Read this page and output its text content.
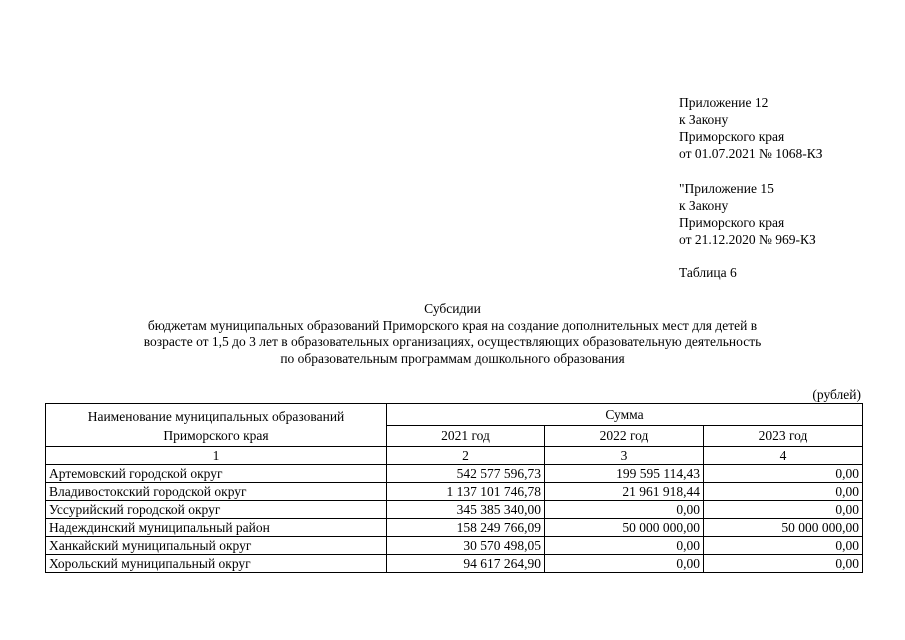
Приложение 12
к Закону
Приморского края
от 01.07.2021 № 1068-КЗ
"Приложение 15
к Закону
Приморского края
от 21.12.2020 № 969-КЗ
Таблица 6
Субсидии
бюджетам муниципальных образований Приморского края на создание дополнительных мест для детей в
возрасте от 1,5 до 3 лет в образовательных организациях, осуществляющих образовательную деятельность
по образовательным программам дошкольного образования
(рублей)
Наименование муниципальных образований Приморского края	Сумма		
	2021 год	2022 год	2023 год
1	2	3	4
Артемовский городской округ	542 577 596,73	199 595 114,43	0,00
Владивостокский городской округ	1 137 101 746,78	21 961 918,44	0,00
Уссурийский городской округ	345 385 340,00	0,00	0,00
Надеждинский муниципальный район	158 249 766,09	50 000 000,00	50 000 000,00
Ханкайский муниципальный округ	30 570 498,05	0,00	0,00
Хорольский муниципальный округ	94 617 264,90	0,00	0,00
